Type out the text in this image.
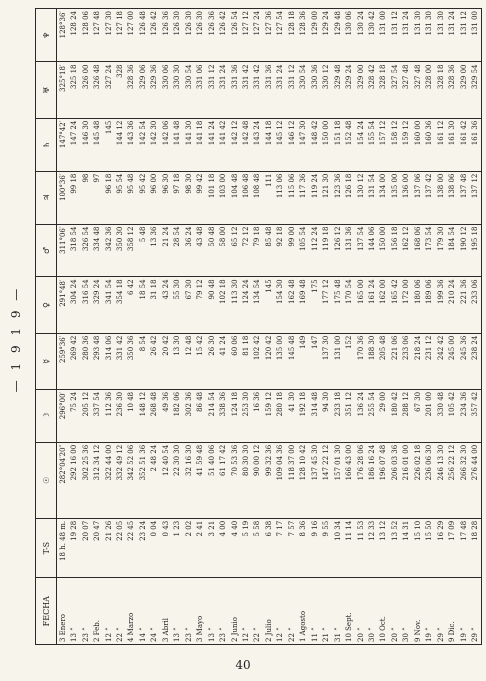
— 1 9 1 9 —
FECHA	T-S	☉	☽	☿	♀	♂	♃	♄	♅	♆
3 Enero	18 h. 48 m.	282°04′20″	296°00′	259°36′	291°48′	311°06′	100°36′	147°42′	325°18′	128°36′
13 ”	19 28	292 16 00	75 24	269 42	304 24	318 54	99 18	147 24	325 18	128 24
23 ”	20 07	302 25 36	205 12	280 36	316 54	326 54	98	146 30	326 00	128 06
2 Feb.	20 47	312 34 12	337 54	293 48	329 24	334 48	97	145 48	326 48	127 48
12 ”	21 26	322 44 00	112 36	314 06	341 54	342 36	96 18	145	327 24	127 30
22 ”	22 05	332 49 12	236 30	331 42	354 18	350 30	95 54	144 12	328	127 18
4 Marzo	22 45	342 52 06	10 48	350 36	6 42	358 12	95 48	143 36	328 36	127 00
14 ”	23 24	352 51 36	148 12	8 54	18 54	5 48	95 42	142 54	329 06	126 48
24 ”	0 04	2 48 24	268 48	26 42	31 18	13 36	96 00	142 30	329 36	126 42
3 Abril	0 43	12 40 54	49 36	20 42	43 24	21 24	96 30	142 06	330 06	126 36
13 ”	1 23	22 30 30	182 06	13 30	55 30	28 54	97 18	141 48	330 30	126 30
23 ”	2 02	32 16 30	302 36	12 48	67 30	36 24	98 30	141 30	330 54	126 30
3 Mayo	2 41	41 59 48	86 48	15 42	79 12	43 48	99 42	141 18	331 06	126 30
13 ”	3 21	51 40 06	214 54	26 30	90 48	50 48	101 18	141 24	331 12	126 36
23 ”	4 00	61 17 42	338 36	41 24	102 18	58 00	103 00	141 42	331 24	126 42
2 Junio	4 40	70 53 36	124 18	60 06	113 30	65 12	104 48	142 12	331 36	126 54
12 ”	5 19	80 30 30	253 30	81 18	124 24	72 12	106 48	142 48	331 42	127 12
22 ”	5 58	90 00 12	16 36	102 42	134 54	79 18	108 48	143 24	331 42	127 24
2 Julio	6 38	99 32 36	159 12	120 42	145	85 48	111	144 18	331 36	127 36
12 ”	7 17	109 04 36	280 18	135 00	154 30	92 18	113 06	145 12	331 24	127 54
22 ”	7 57	118 37 00	41 30	145 48	162 48	99 00	115 06	146 12	331 12	128 18
1 Agosto	8 36	128 10 42	192 18	149	169 48	105 54	117 36	147 30	330 54	128 36
11 ”	9 16	137 45 30	314 48	147	175	112 24	119 24	148 42	330 36	129 00
21 ”	9 55	147 22 12	94 30	137 30	177 12	119 18	121 30	150 00	330 12	129 24
31 ”	10 34	157 01 30	233 18	131 00	175 48	126 12	123 36	151 18	329 48	129 48
10 Sept.	11 14	166 43 00	351 12	152	170 54	131 36	126 18	152 48	329 24	130 06
20 ”	11 53	176 28 06	136 24	170 36	165 00	137 54	130 12	154 24	329 00	130 24
30 ”	12 33	186 16 24	255 54	188 30	161 24	144 06	131 54	155 54	328 42	130 42
10 Oct.	13 12	196 07 48	29 00	205 48	162 00	150 00	134 00	157 12	328 18	131 00
20 ”	13 52	206 03 36	180 42	221 06	165 42	156 18	135 00	158 12	327 54	131 12
30 ”	14 31	216 01 00	288 12	233 06	172 00	162 12	136 00	159 12	327 48	131 24
9 Nov.	15 10	226 02 18	67 30	218 24	180 06	168 06	137 06	160 00	327 48	131 30
19 ”	15 50	236 06 30	201 00	231 12	189 06	173 54	137 42	160 36	328 00	131 30
29 ”	16 29	246 13 30	330 48	242 42	199 36	179 30	138 00	161 12	328 18	131 30
9 Dic.	17 09	256 22 12	105 42	245 00	210 24	184 54	138 06	161 30	328 36	131 24
19 ”	17 48	266 32 30	234 36	245 36	221 36	190 12	137 48	161 42	329 00	131 12
29 ”	18 28	276 44 00	357 42	238 24	233 06	195 18	137 12	161 36	329 54	131 00
40
